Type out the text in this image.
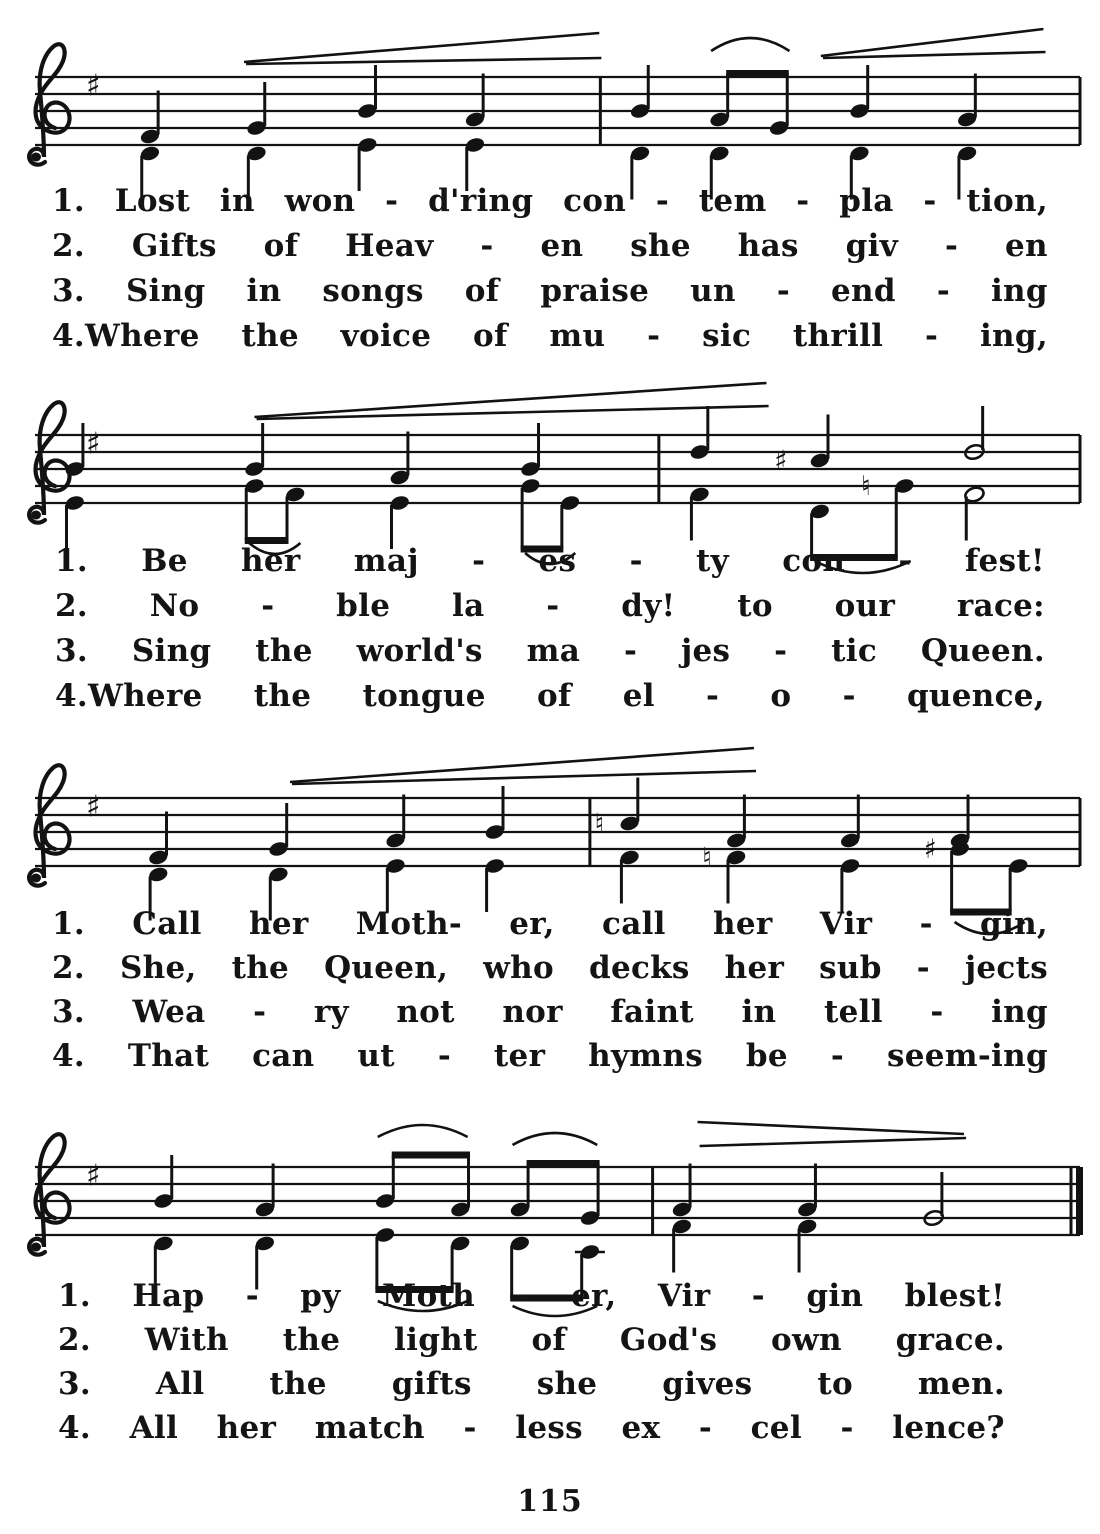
♯
1. Lost in won - d'ring con - tem - pla - tion,
2. Gifts of Heav - en she has giv - en
3. Sing in songs of praise un - end - ing
4.Where the voice of mu - sic thrill - ing,
♯	♯
♮
1. Be her maj - es - ty con - fest!
2. No - ble la - dy! to our race:
3. Sing the world's ma - jes - tic Queen.
4.Where the tongue of el - o - quence,
♯	♮
♮	♯
1. Call her Moth- er, call her Vir - gin,
2. She, the Queen, who decks her sub - jects
3. Wea - ry not nor faint in tell - ing
4. That can ut - ter hymns be - seem-ing
♯
1. Hap - py Moth - er, Vir - gin blest!
2. With the light of God's own grace.
3. All the gifts she gives to men.
4. All her match - less ex - cel - lence?
115
